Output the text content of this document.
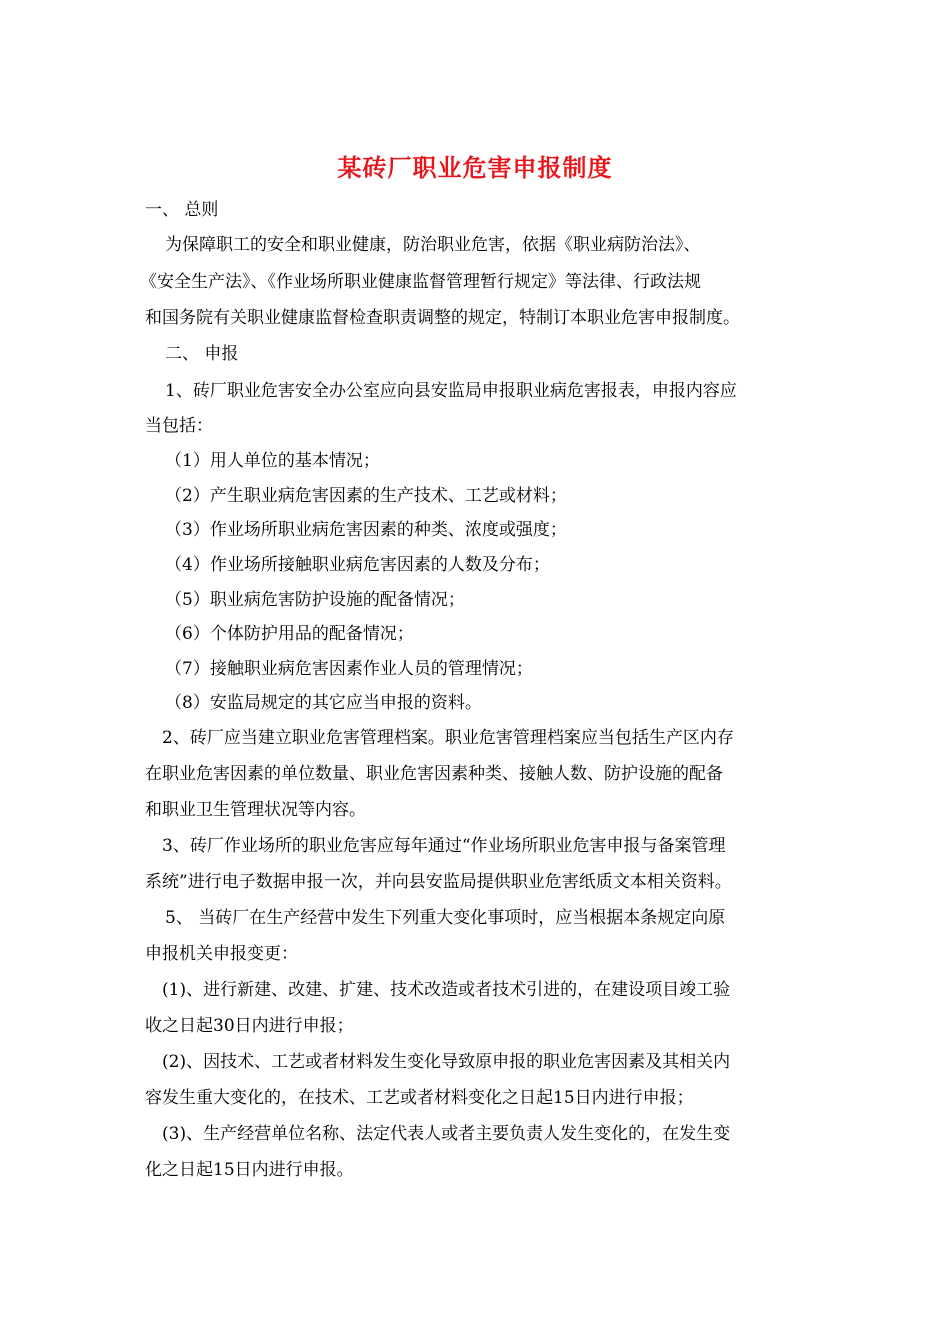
某砖厂职业危害申报制度
一、 总则
为保障职工的安全和职业健康，防治职业危害，依据《职业病防治法》、
《安全生产法》、《作业场所职业健康监督管理暂行规定》等法律、行政法规
和国务院有关职业健康监督检查职责调整的规定，特制订本职业危害申报制度。
二、 申报
1、砖厂职业危害安全办公室应向县安监局申报职业病危害报表，申报内容应
当包括：
（1）用人单位的基本情况；
（2）产生职业病危害因素的生产技术、工艺或材料；
（3）作业场所职业病危害因素的种类、浓度或强度；
（4）作业场所接触职业病危害因素的人数及分布；
（5）职业病危害防护设施的配备情况；
（6）个体防护用品的配备情况；
（7）接触职业病危害因素作业人员的管理情况；
（8）安监局规定的其它应当申报的资料。
2、砖厂应当建立职业危害管理档案。职业危害管理档案应当包括生产区内存
在职业危害因素的单位数量、职业危害因素种类、接触人数、防护设施的配备
和职业卫生管理状况等内容。
3、砖厂作业场所的职业危害应每年通过“作业场所职业危害申报与备案管理
系统”进行电子数据申报一次，并向县安监局提供职业危害纸质文本相关资料。
5、 当砖厂在生产经营中发生下列重大变化事项时，应当根据本条规定向原
申报机关申报变更：
(1)、进行新建、改建、扩建、技术改造或者技术引进的，在建设项目竣工验
收之日起30日内进行申报；
(2)、因技术、工艺或者材料发生变化导致原申报的职业危害因素及其相关内
容发生重大变化的，在技术、工艺或者材料变化之日起15日内进行申报；
(3)、生产经营单位名称、法定代表人或者主要负责人发生变化的，在发生变
化之日起15日内进行申报。
